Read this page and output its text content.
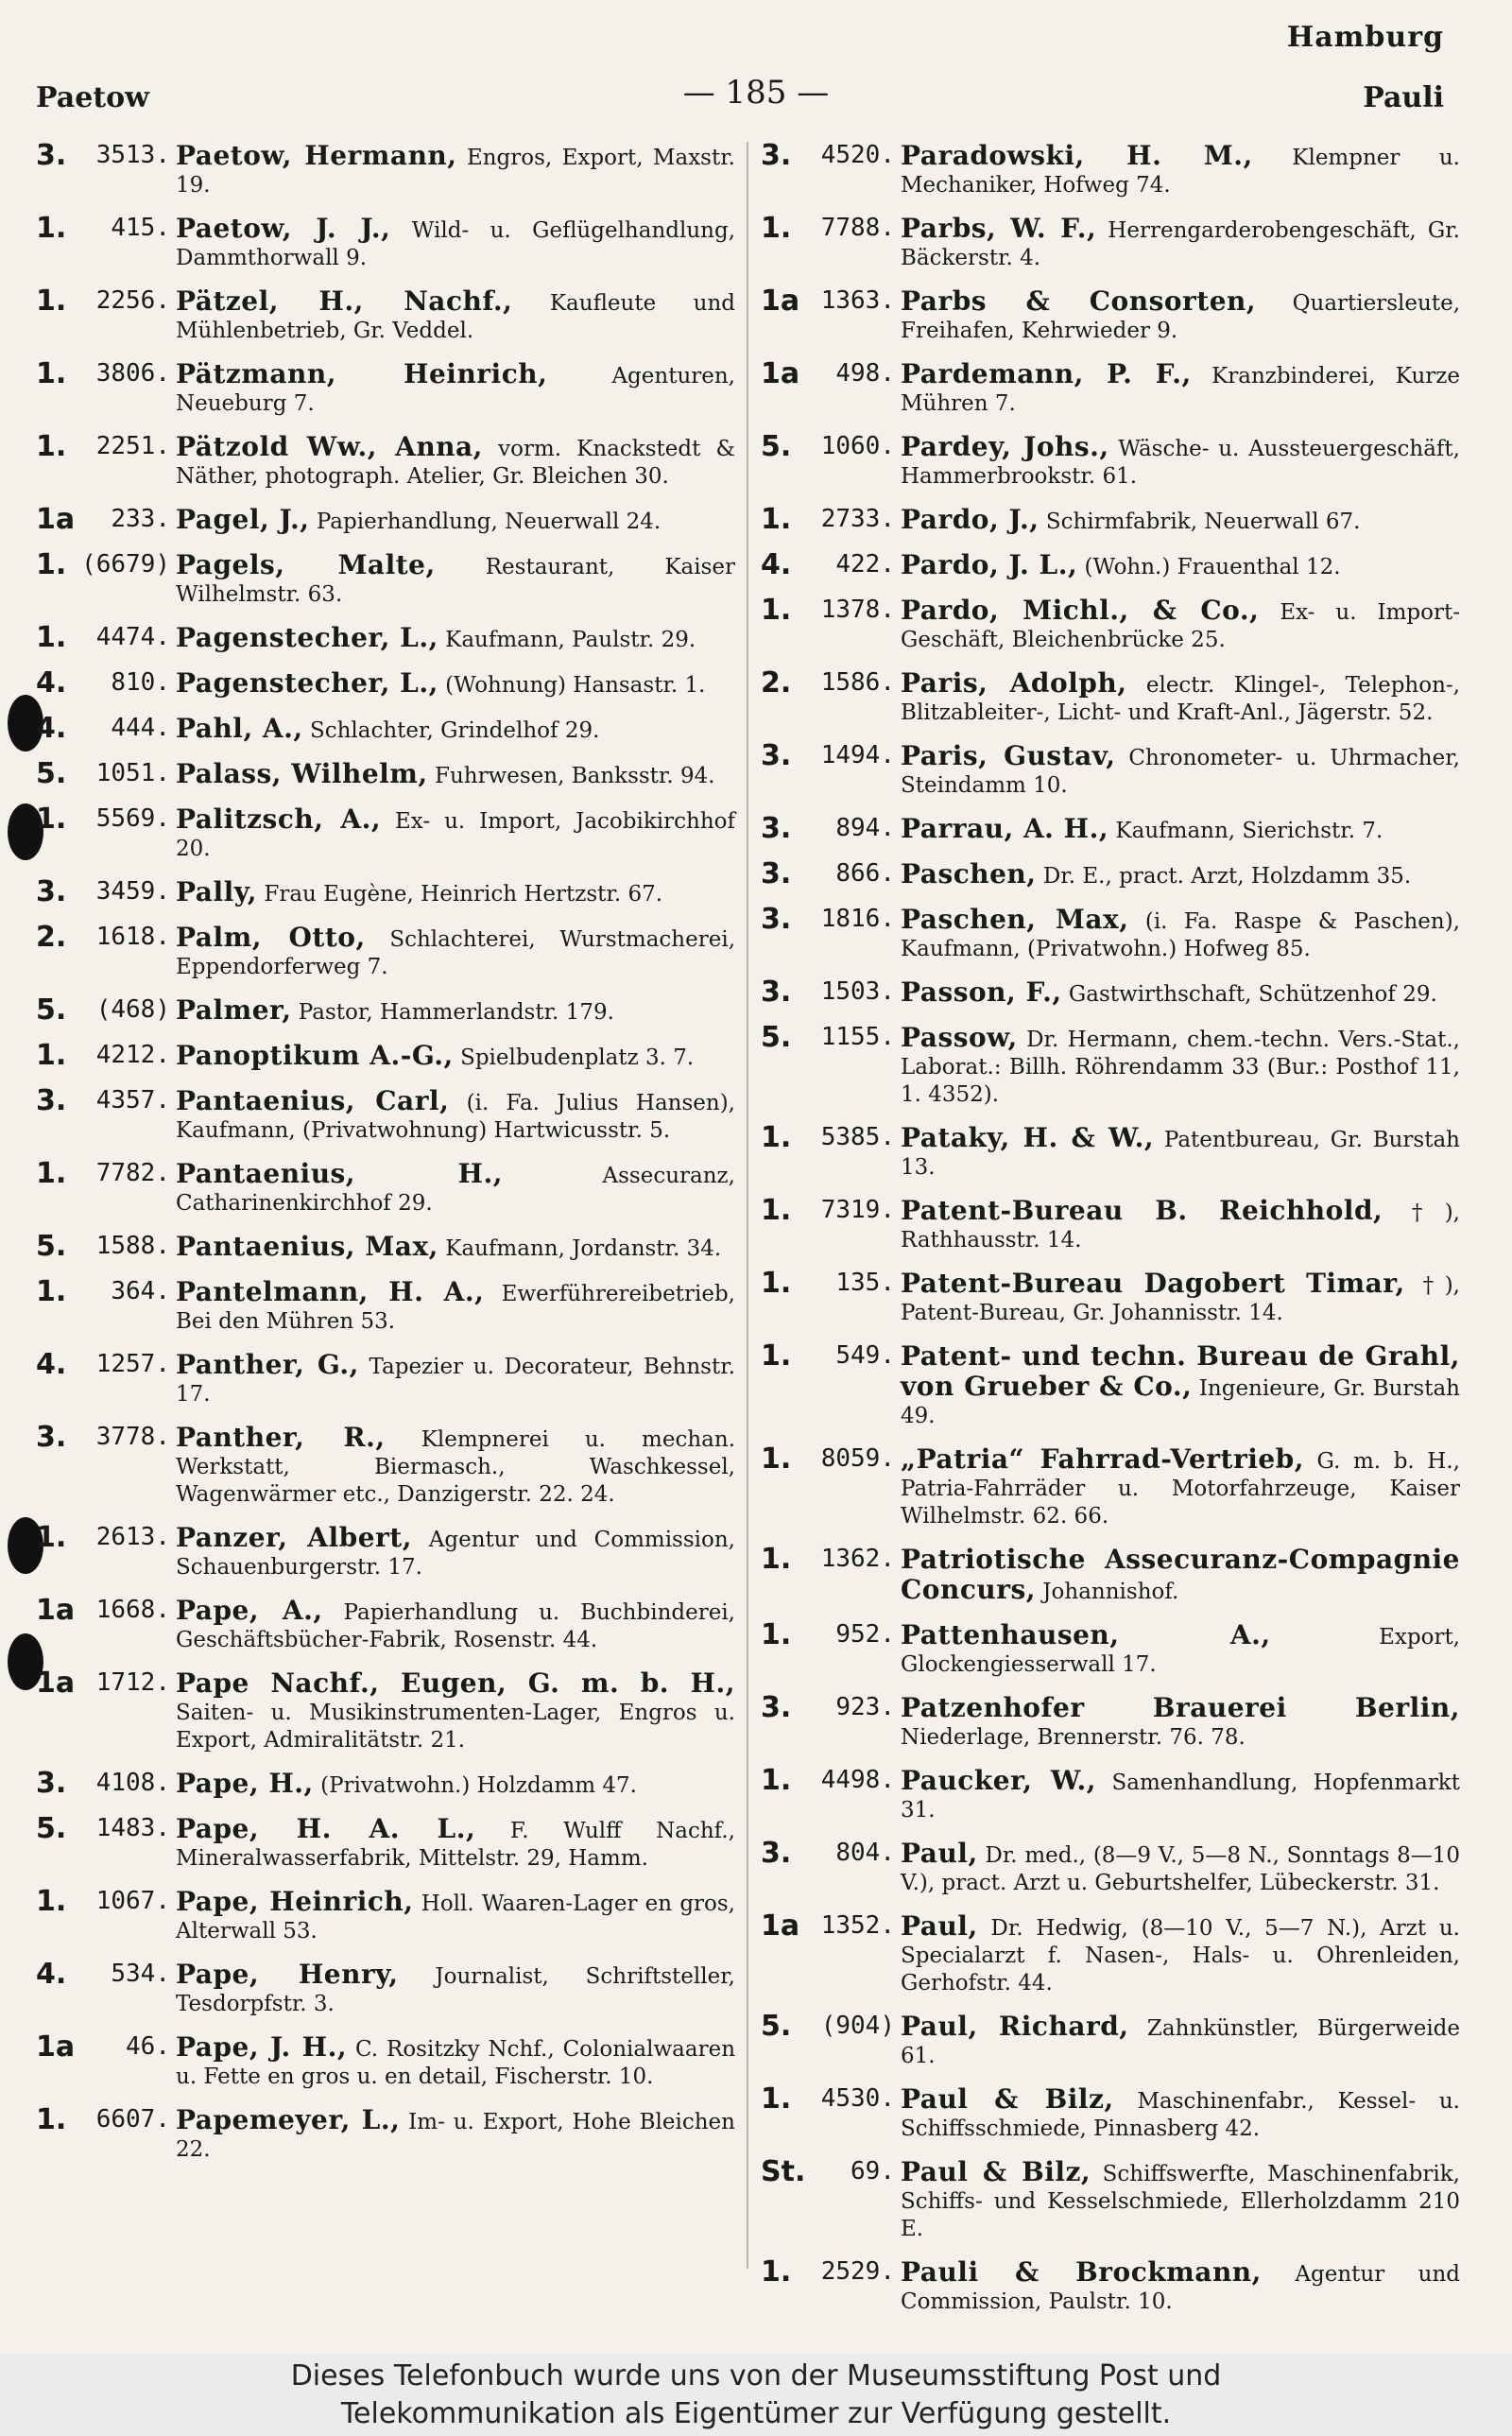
Hamburg
Paetow	— 185 —	Pauli
3.	3513. Paetow, Hermann, Engros, Export, Maxstr. 19.
1.	415. Paetow, J. J., Wild- u. Geflügelhandlung, Dammthorwall 9.
1.	2256. Pätzel, H., Nachf., Kaufleute und Mühlenbetrieb, Gr. Veddel.
1.	3806. Pätzmann, Heinrich, Agenturen, Neueburg 7.
1.	2251. Pätzold Ww., Anna, vorm. Knackstedt & Näther, photograph. Atelier, Gr. Bleichen 30.
1a	233. Pagel, J., Papierhandlung, Neuerwall 24.
1. (6679) Pagels, Malte, Restaurant, Kaiser Wilhelmstr. 63.
1.	4474. Pagenstecher, L., Kaufmann, Paulstr. 29.
4.	810. Pagenstecher, L., (Wohnung) Hansastr. 1.
4.	444. Pahl, A., Schlachter, Grindelhof 29.
5.	1051. Palass, Wilhelm, Fuhrwesen, Banksstr. 94.
1.	5569. Palitzsch, A., Ex- u. Import, Jacobikirchhof 20.
3.	3459. Pally, Frau Eugène, Heinrich Hertzstr. 67.
2.	1618. Palm, Otto, Schlachterei, Wurstmacherei, Eppendorferweg 7.
5.	(468) Palmer, Pastor, Hammerlandstr. 179.
1.	4212. Panoptikum A.-G., Spielbudenplatz 3. 7.
3.	4357. Pantaenius, Carl, (i. Fa. Julius Hansen), Kaufmann, (Privatwohnung) Hartwicusstr. 5.
1.	7782. Pantaenius, H., Assecuranz, Catharinenkirchhof 29.
5.	1588. Pantaenius, Max, Kaufmann, Jordanstr. 34.
1.	364. Pantelmann, H. A., Ewerführereibetrieb, Bei den Mühren 53.
4.	1257. Panther, G., Tapezier u. Decorateur, Behnstr. 17.
3.	3778. Panther, R., Klempnerei u. mechan. Werkstatt, Biermasch., Waschkessel, Wagenwärmer etc., Danzigerstr. 22. 24.
1.	2613. Panzer, Albert, Agentur und Commission, Schauenburgerstr. 17.
1a 1668. Pape, A., Papierhandlung u. Buchbinderei, Geschäftsbücher-Fabrik, Rosenstr. 44.
1a 1712. Pape Nachf., Eugen, G. m. b. H., Saiten- u. Musikinstrumenten-Lager, Engros u. Export, Admiralitätstr. 21.
3.	4108. Pape, H., (Privatwohn.) Holzdamm 47.
5.	1483. Pape, H. A. L., F. Wulff Nachf., Mineralwasserfabrik, Mittelstr. 29, Hamm.
1.	1067. Pape, Heinrich, Holl. Waaren-Lager en gros, Alterwall 53.
4.	534. Pape, Henry, Journalist, Schriftsteller, Tesdorpfstr. 3.
1a	46. Pape, J. H., C. Rositzky Nchf., Colonialwaaren u. Fette en gros u. en detail, Fischerstr. 10.
1.	6607. Papemeyer, L., Im- u. Export, Hohe Bleichen 22.
3.	4520. Paradowski, H. M., Klempner u. Mechaniker, Hofweg 74.
1.	7788. Parbs, W. F., Herrengarderobengeschäft, Gr. Bäckerstr. 4.
1a 1363. Parbs & Consorten, Quartiersleute, Freihafen, Kehrwieder 9.
1a	498. Pardemann, P. F., Kranzbinderei, Kurze Mühren 7.
5.	1060. Pardey, Johs., Wäsche- u. Aussteuergeschäft, Hammerbrookstr. 61.
1.	2733. Pardo, J., Schirmfabrik, Neuerwall 67.
4.	422. Pardo, J. L., (Wohn.) Frauenthal 12.
1.	1378. Pardo, Michl., & Co., Ex- u. Import-Geschäft, Bleichenbrücke 25.
2.	1586. Paris, Adolph, electr. Klingel-, Telephon-, Blitzableiter-, Licht- und Kraft-Anl., Jägerstr. 52.
3.	1494. Paris, Gustav, Chronometer- u. Uhrmacher, Steindamm 10.
3.	894. Parrau, A. H., Kaufmann, Sierichstr. 7.
3.	866. Paschen, Dr. E., pract. Arzt, Holzdamm 35.
3.	1816. Paschen, Max, (i. Fa. Raspe & Paschen), Kaufmann, (Privatwohn.) Hofweg 85.
3.	1503. Passon, F., Gastwirthschaft, Schützenhof 29.
5.	1155. Passow, Dr. Hermann, chem.-techn. Vers.-Stat., Laborat.: Billh. Röhrendamm 33 (Bur.: Posthof 11, 1. 4352).
1.	5385. Pataky, H. & W., Patentbureau, Gr. Burstah 13.
1.	7319. Patent-Bureau B. Reichhold, †), Rathhausstr. 14.
1.	135. Patent-Bureau Dagobert Timar, †), Patent-Bureau, Gr. Johannisstr. 14.
1.	549. Patent- und techn. Bureau de Grahl, von Grueber & Co., Ingenieure, Gr. Burstah 49.
1.	8059. „Patria“ Fahrrad-Vertrieb, G. m. b. H., Patria-Fahrräder u. Motorfahrzeuge, Kaiser Wilhelmstr. 62. 66.
1.	1362. Patriotische Assecuranz-Compagnie Concurs, Johannishof.
1.	952. Pattenhausen, A., Export, Glockengiesserwall 17.
3.	923. Patzenhofer Brauerei Berlin, Niederlage, Brennerstr. 76. 78.
1.	4498. Paucker, W., Samenhandlung, Hopfenmarkt 31.
3.	804. Paul, Dr. med., (8—9 V., 5—8 N., Sonntags 8—10 V.), pract. Arzt u. Geburtshelfer, Lübeckerstr. 31.
1a 1352. Paul, Dr. Hedwig, (8—10 V., 5—7 N.), Arzt u. Specialarzt f. Nasen-, Hals- u. Ohrenleiden, Gerhofstr. 44.
5.	(904) Paul, Richard, Zahnkünstler, Bürgerweide 61.
1.	4530. Paul & Bilz, Maschinenfabr., Kessel- u. Schiffsschmiede, Pinnasberg 42.
St.	69. Paul & Bilz, Schiffswerfte, Maschinenfabrik, Schiffs- und Kesselschmiede, Ellerholzdamm 210 E.
1.	2529. Pauli & Brockmann, Agentur und Commission, Paulstr. 10.
Dieses Telefonbuch wurde uns von der Museumsstiftung Post und
Telekommunikation als Eigentümer zur Verfügung gestellt.
